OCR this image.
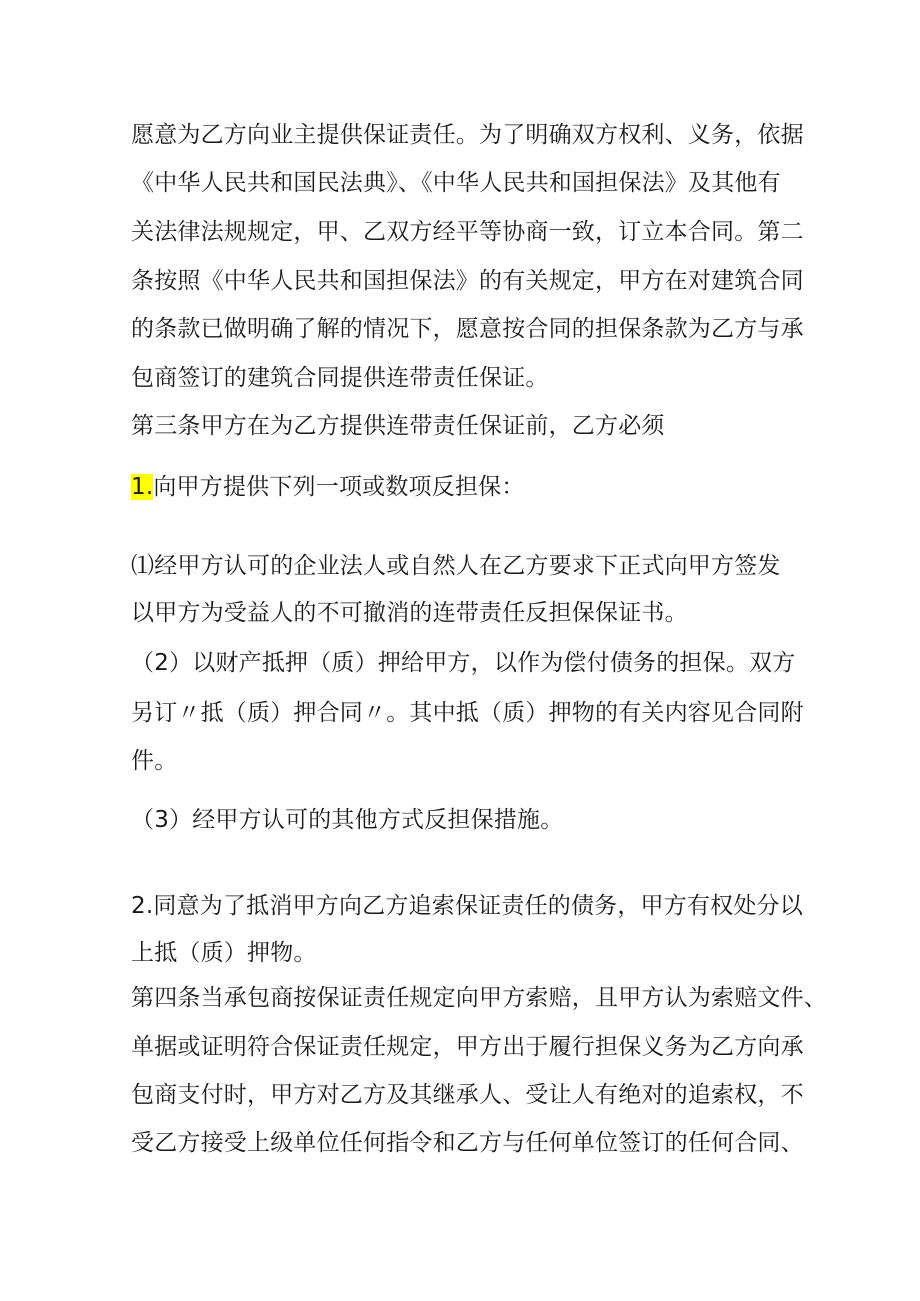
愿意为乙方向业主提供保证责任。为了明确双方权利、义务，依据
《中华人民共和国民法典》、《中华人民共和国担保法》及其他有
关法律法规规定，甲、乙双方经平等协商一致，订立本合同。第二
条按照《中华人民共和国担保法》的有关规定，甲方在对建筑合同
的条款已做明确了解的情况下，愿意按合同的担保条款为乙方与承
包商签订的建筑合同提供连带责任保证。
第三条甲方在为乙方提供连带责任保证前，乙方必须
1.向甲方提供下列一项或数项反担保：
⑴经甲方认可的企业法人或自然人在乙方要求下正式向甲方签发
以甲方为受益人的不可撤消的连带责任反担保保证书。
（2）以财产抵押（质）押给甲方，以作为偿付债务的担保。双方
另订〃抵（质）押合同〃。其中抵（质）押物的有关内容见合同附
件。
（3）经甲方认可的其他方式反担保措施。
2.同意为了抵消甲方向乙方追索保证责任的债务，甲方有权处分以
上抵（质）押物。
第四条当承包商按保证责任规定向甲方索赔，且甲方认为索赔文件、
单据或证明符合保证责任规定，甲方出于履行担保义务为乙方向承
包商支付时，甲方对乙方及其继承人、受让人有绝对的追索权，不
受乙方接受上级单位任何指令和乙方与任何单位签订的任何合同、
